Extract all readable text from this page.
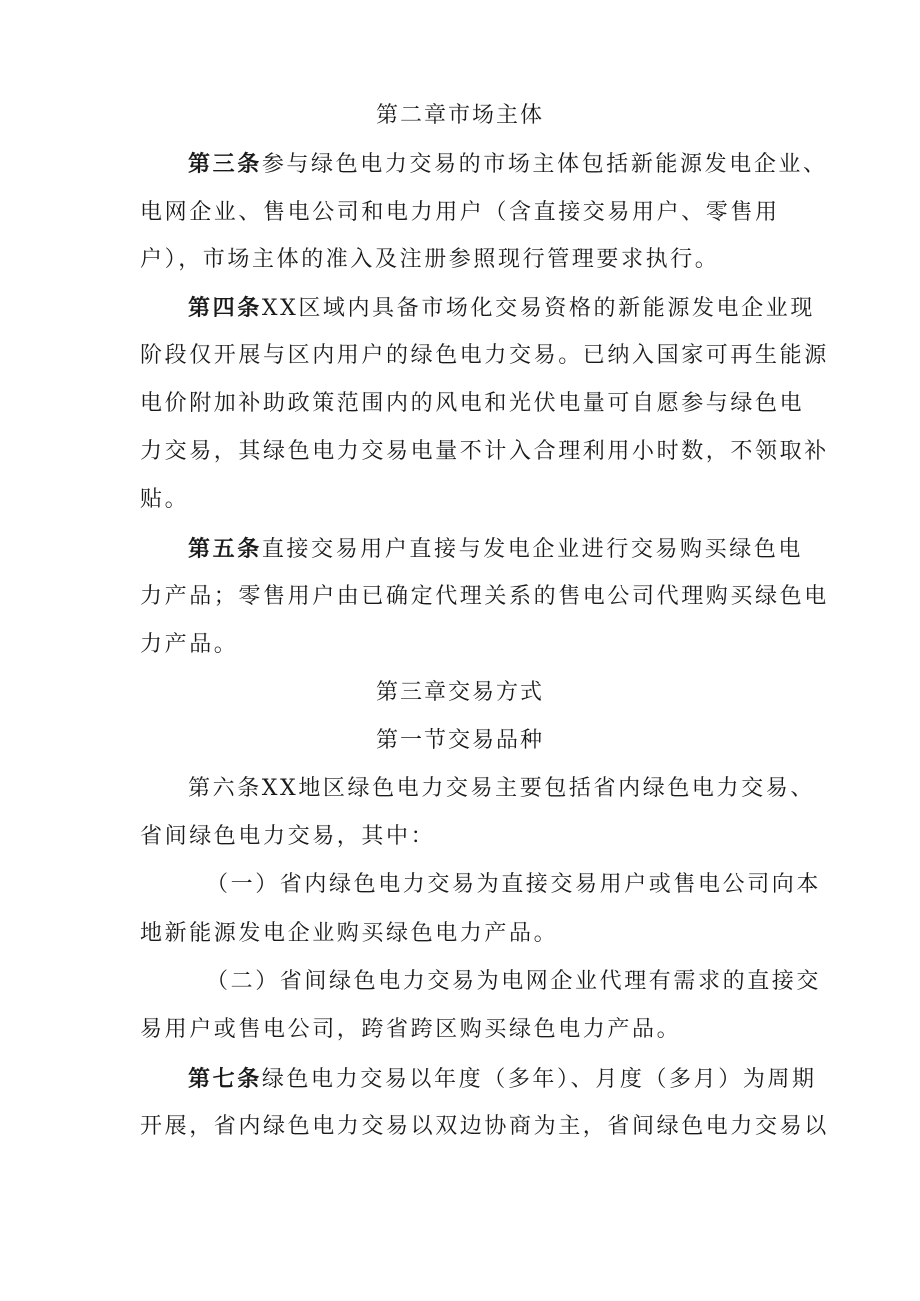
第二章市场主体

第三条参与绿色电力交易的市场主体包括新能源发电企业、

电网企业、售电公司和电力用户（含直接交易用户、零售用

户），市场主体的准入及注册参照现行管理要求执行。

第四条XX区域内具备市场化交易资格的新能源发电企业现

阶段仅开展与区内用户的绿色电力交易。已纳入国家可再生能源

电价附加补助政策范围内的风电和光伏电量可自愿参与绿色电

力交易，其绿色电力交易电量不计入合理利用小时数，不领取补

贴。

第五条直接交易用户直接与发电企业进行交易购买绿色电

力产品；零售用户由已确定代理关系的售电公司代理购买绿色电

力产品。

第三章交易方式

第一节交易品种

第六条XX地区绿色电力交易主要包括省内绿色电力交易、

省间绿色电力交易，其中：

（一）省内绿色电力交易为直接交易用户或售电公司向本

地新能源发电企业购买绿色电力产品。

（二）省间绿色电力交易为电网企业代理有需求的直接交

易用户或售电公司，跨省跨区购买绿色电力产品。

第七条绿色电力交易以年度（多年）、月度（多月）为周期

开展，省内绿色电力交易以双边协商为主，省间绿色电力交易以
